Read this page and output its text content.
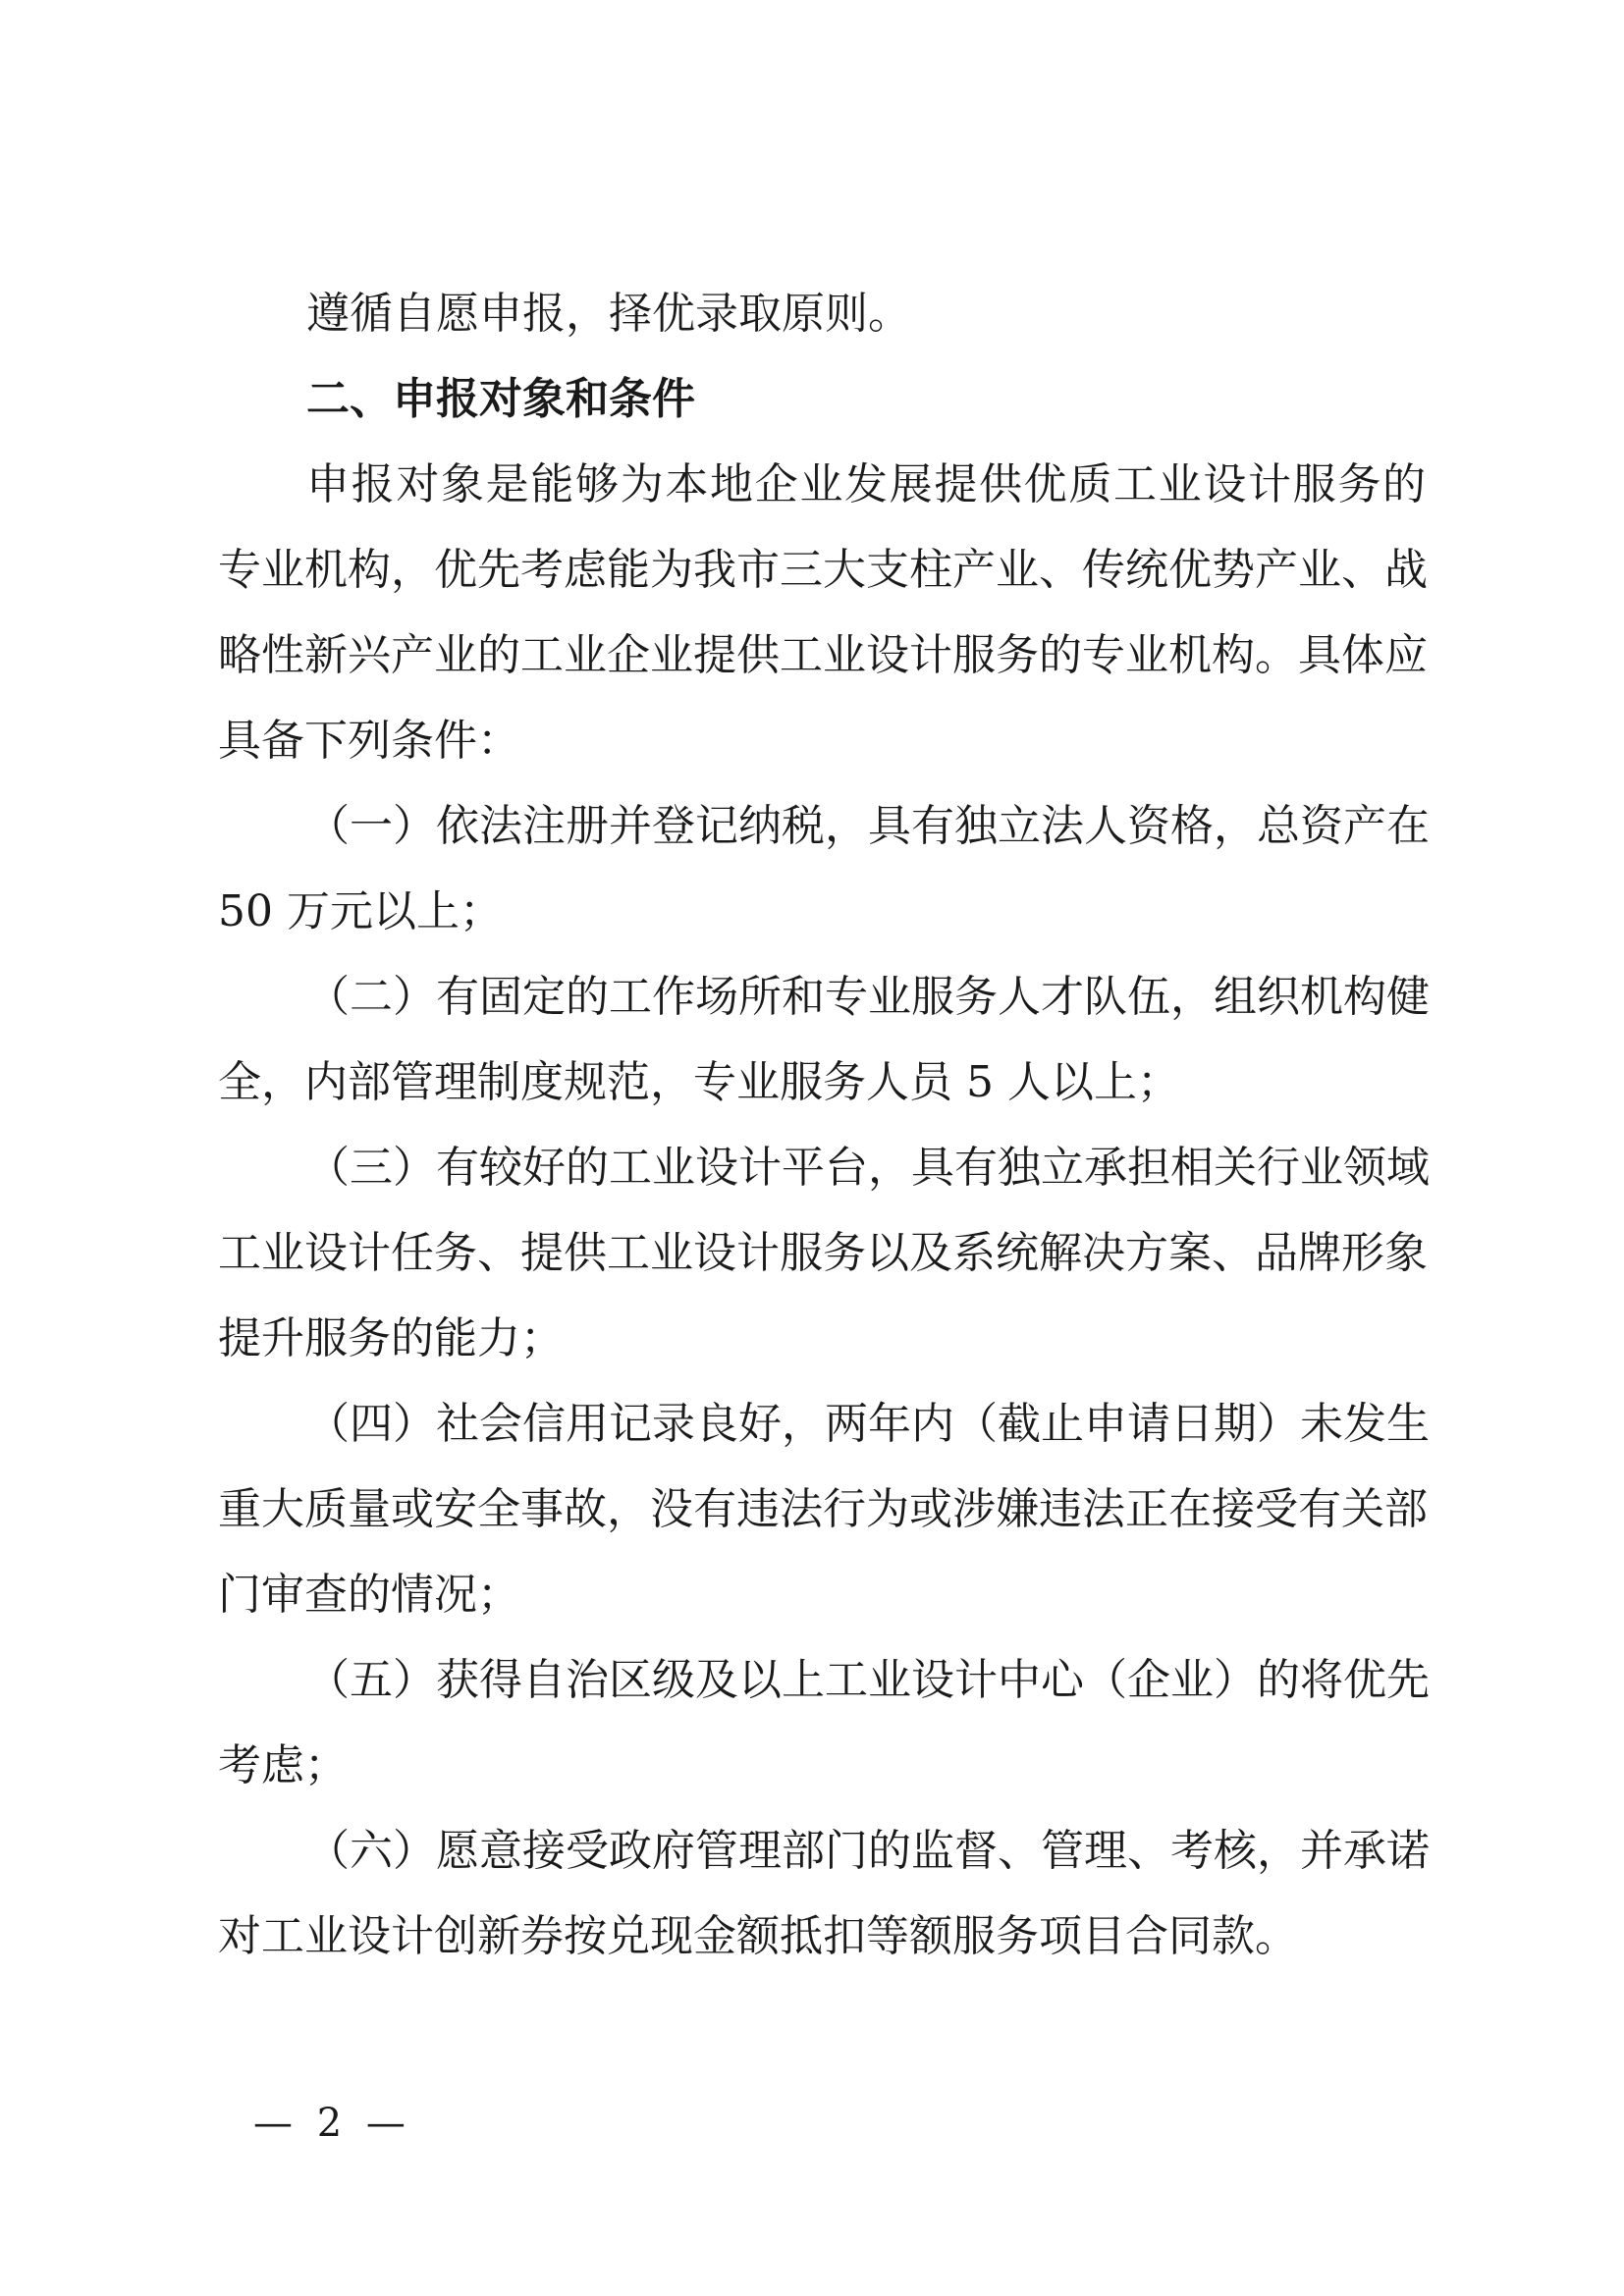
遵循自愿申报，择优录取原则。
二、申报对象和条件
申报对象是能够为本地企业发展提供优质工业设计服务的
专业机构，优先考虑能为我市三大支柱产业、传统优势产业、战
略性新兴产业的工业企业提供工业设计服务的专业机构。具体应
具备下列条件：
（一）依法注册并登记纳税，具有独立法人资格，总资产在
50 万元以上；
（二）有固定的工作场所和专业服务人才队伍，组织机构健
全，内部管理制度规范，专业服务人员 5 人以上；
（三）有较好的工业设计平台，具有独立承担相关行业领域
工业设计任务、提供工业设计服务以及系统解决方案、品牌形象
提升服务的能力；
（四）社会信用记录良好，两年内（截止申请日期）未发生
重大质量或安全事故，没有违法行为或涉嫌违法正在接受有关部
门审查的情况；
（五）获得自治区级及以上工业设计中心（企业）的将优先
考虑；
（六）愿意接受政府管理部门的监督、管理、考核，并承诺
对工业设计创新券按兑现金额抵扣等额服务项目合同款。
— 2 —
